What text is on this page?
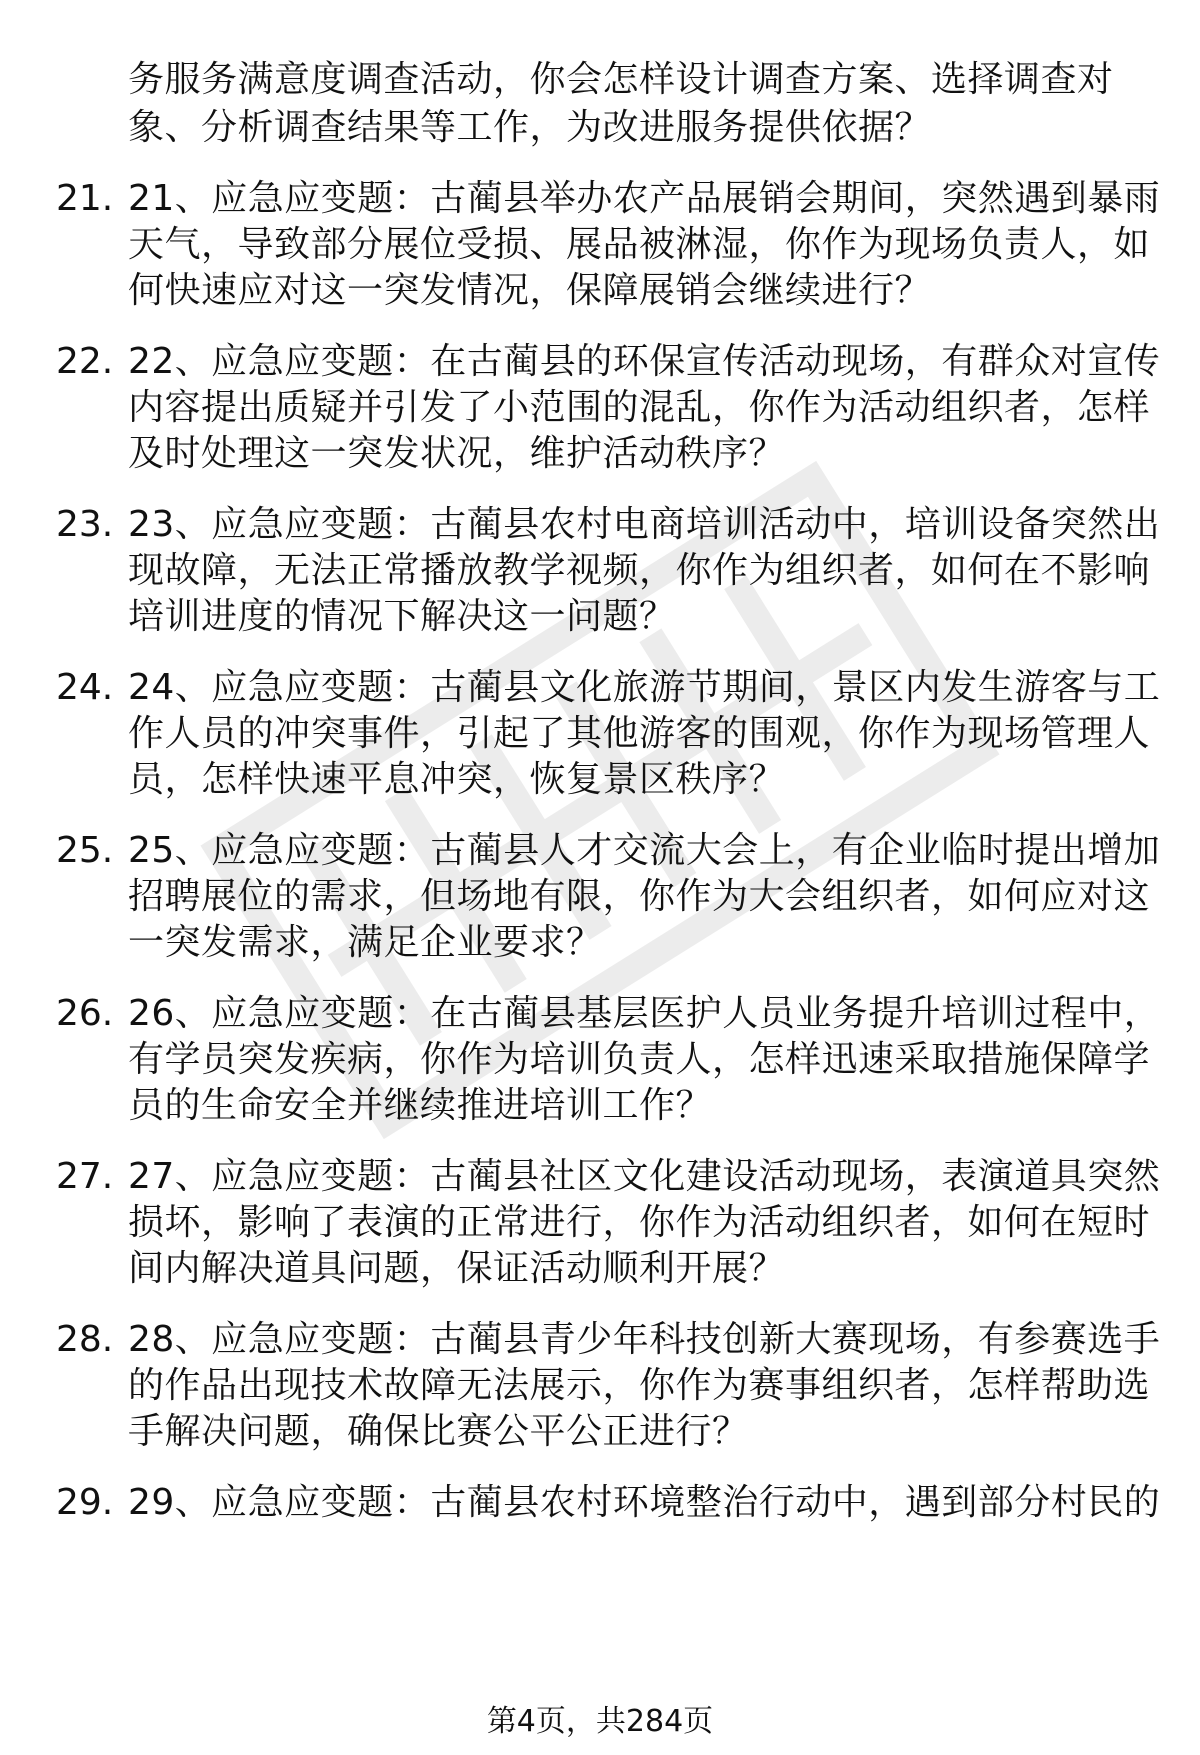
务服务满意度调查活动，你会怎样设计调查方案、选择调查对
象、分析调查结果等工作，为改进服务提供依据？
21. 21、应急应变题：古蔺县举办农产品展销会期间，突然遇到暴雨
天气，导致部分展位受损、展品被淋湿，你作为现场负责人，如
何快速应对这一突发情况，保障展销会继续进行？
22. 22、应急应变题：在古蔺县的环保宣传活动现场，有群众对宣传
内容提出质疑并引发了小范围的混乱，你作为活动组织者，怎样
及时处理这一突发状况，维护活动秩序？
23. 23、应急应变题：古蔺县农村电商培训活动中，培训设备突然出
现故障，无法正常播放教学视频，你作为组织者，如何在不影响
培训进度的情况下解决这一问题？
24. 24、应急应变题：古蔺县文化旅游节期间，景区内发生游客与工
作人员的冲突事件，引起了其他游客的围观，你作为现场管理人
员，怎样快速平息冲突，恢复景区秩序？
25. 25、应急应变题：古蔺县人才交流大会上，有企业临时提出增加
招聘展位的需求，但场地有限，你作为大会组织者，如何应对这
一突发需求，满足企业要求？
26. 26、应急应变题：在古蔺县基层医护人员业务提升培训过程中，
有学员突发疾病，你作为培训负责人，怎样迅速采取措施保障学
员的生命安全并继续推进培训工作？
27. 27、应急应变题：古蔺县社区文化建设活动现场，表演道具突然
损坏，影响了表演的正常进行，你作为活动组织者，如何在短时
间内解决道具问题，保证活动顺利开展？
28. 28、应急应变题：古蔺县青少年科技创新大赛现场，有参赛选手
的作品出现技术故障无法展示，你作为赛事组织者，怎样帮助选
手解决问题，确保比赛公平公正进行？
29. 29、应急应变题：古蔺县农村环境整治行动中，遇到部分村民的
第4页，共284页
